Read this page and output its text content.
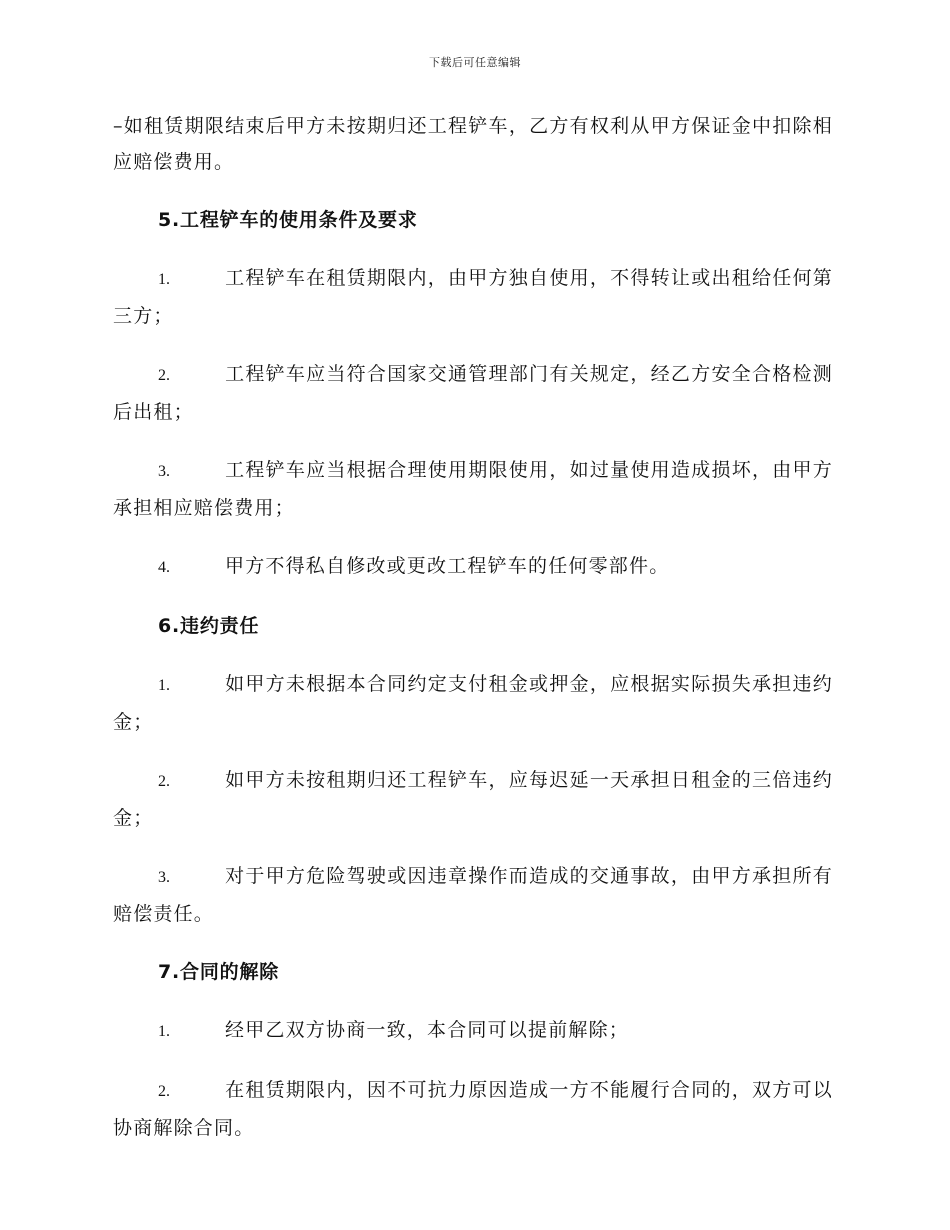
下载后可任意编辑

–如租赁期限结束后甲方未按期归还工程铲车，乙方有权利从甲方保证金中扣除相应赔偿费用。

5.工程铲车的使用条件及要求
1.	工程铲车在租赁期限内，由甲方独自使用，不得转让或出租给任何第三方；
2.	工程铲车应当符合国家交通管理部门有关规定，经乙方安全合格检测后出租；
3.	工程铲车应当根据合理使用期限使用，如过量使用造成损坏，由甲方承担相应赔偿费用；
4.	甲方不得私自修改或更改工程铲车的任何零部件。
6.违约责任
1.	如甲方未根据本合同约定支付租金或押金，应根据实际损失承担违约金；
2.	如甲方未按租期归还工程铲车，应每迟延一天承担日租金的三倍违约金；
3.	对于甲方危险驾驶或因违章操作而造成的交通事故，由甲方承担所有赔偿责任。
7.合同的解除
1.	经甲乙双方协商一致，本合同可以提前解除；
2.	在租赁期限内，因不可抗力原因造成一方不能履行合同的，双方可以协商解除合同。
